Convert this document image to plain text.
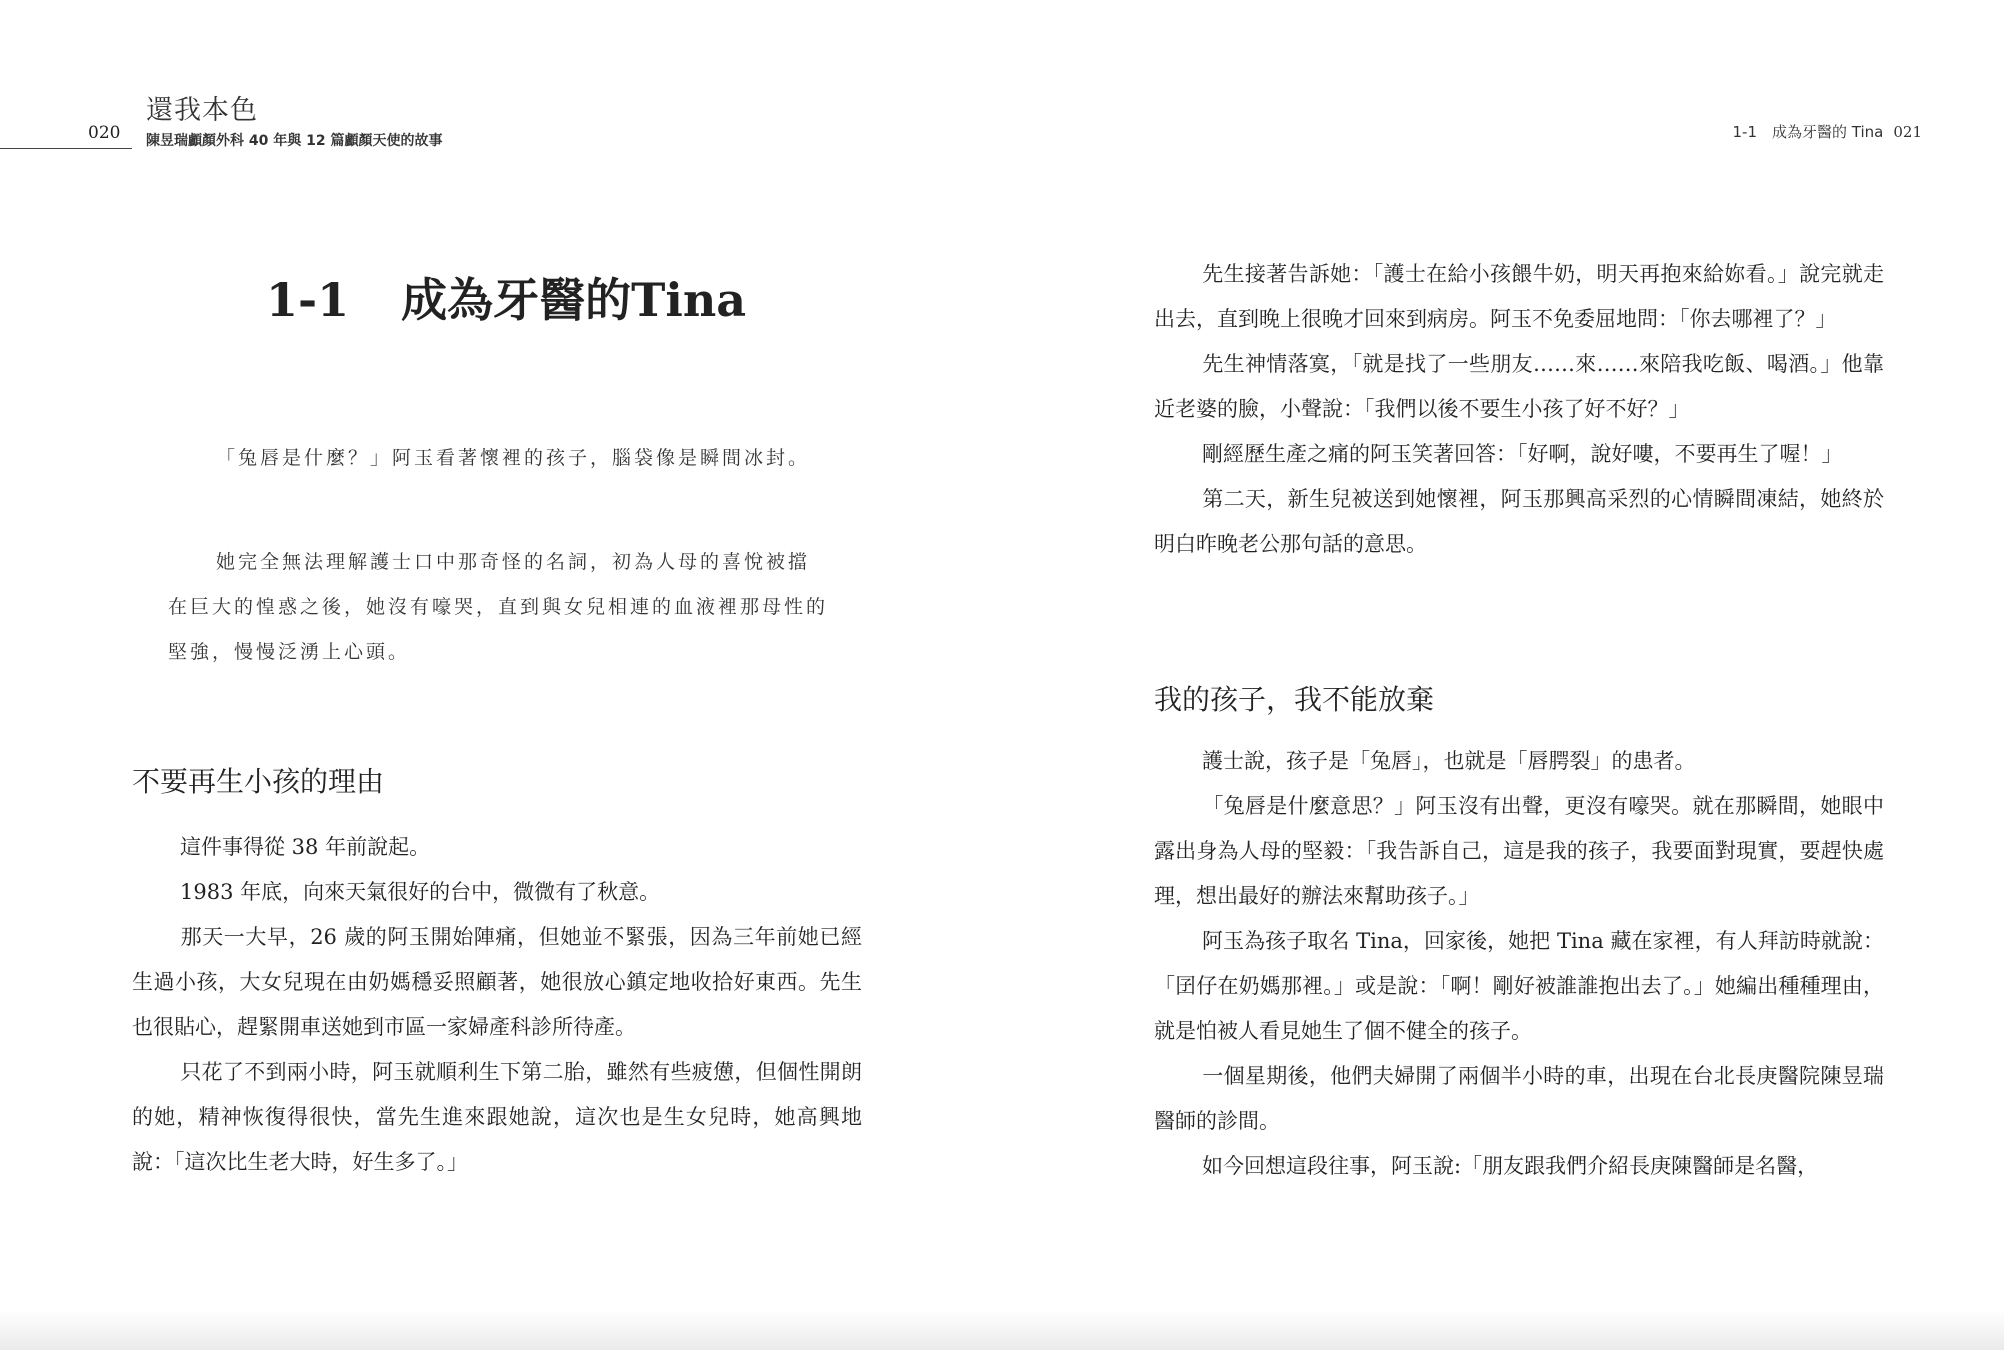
還我本色
020 陳昱瑞顱顏外科 40 年與 12 篇顱顏天使的故事
1-1 成為牙醫的Tina

「兔唇是什麼？」阿玉看著懷裡的孩子，腦袋像是瞬間冰封。

她完全無法理解護士口中那奇怪的名詞，初為人母的喜悅被擋在巨大的惶惑之後，她沒有嚎哭，直到與女兒相連的血液裡那母性的堅強，慢慢泛湧上心頭。

不要再生小孩的理由

這件事得從 38 年前說起。

1983 年底，向來天氣很好的台中，微微有了秋意。

那天一大早，26 歲的阿玉開始陣痛，但她並不緊張，因為三年前她已經生過小孩，大女兒現在由奶媽穩妥照顧著，她很放心鎮定地收拾好東西。先生也很貼心，趕緊開車送她到市區一家婦產科診所待產。

只花了不到兩小時，阿玉就順利生下第二胎，雖然有些疲憊，但個性開朗的她，精神恢復得很快，當先生進來跟她說，這次也是生女兒時，她高興地說：「這次比生老大時，好生多了。」

1-1　成為牙醫的 Tina 021

先生接著告訴她：「護士在給小孩餵牛奶，明天再抱來給妳看。」說完就走出去，直到晚上很晚才回來到病房。阿玉不免委屈地問：「你去哪裡了？」

先生神情落寞，「就是找了一些朋友……來……來陪我吃飯、喝酒。」他靠近老婆的臉，小聲說：「我們以後不要生小孩了好不好？」

剛經歷生產之痛的阿玉笑著回答：「好啊，說好嘍，不要再生了喔！」

第二天，新生兒被送到她懷裡，阿玉那興高采烈的心情瞬間凍結，她終於明白昨晚老公那句話的意思。

我的孩子，我不能放棄

護士說，孩子是「兔唇」，也就是「唇腭裂」的患者。

「兔唇是什麼意思？」阿玉沒有出聲，更沒有嚎哭。就在那瞬間，她眼中露出身為人母的堅毅：「我告訴自己，這是我的孩子，我要面對現實，要趕快處理，想出最好的辦法來幫助孩子。」

阿玉為孩子取名 Tina，回家後，她把 Tina 藏在家裡，有人拜訪時就說：「囝仔在奶媽那裡。」或是說：「啊！剛好被誰誰抱出去了。」她編出種種理由，就是怕被人看見她生了個不健全的孩子。

一個星期後，他們夫婦開了兩個半小時的車，出現在台北長庚醫院陳昱瑞醫師的診間。

如今回想這段往事，阿玉說:「朋友跟我們介紹長庚陳醫師是名醫，
